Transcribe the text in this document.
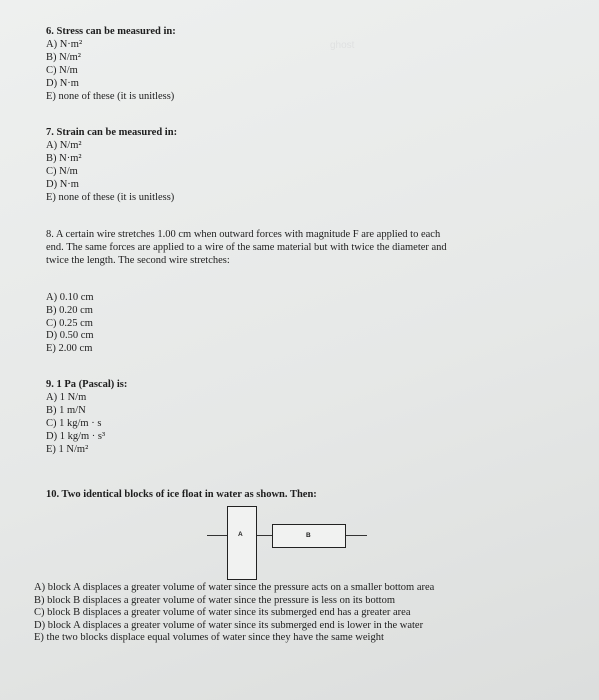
ghost
6. Stress can be measured in:
A) N·m²
B) N/m²
C) N/m
D) N·m
E) none of these (it is unitless)
7. Strain can be measured in:
A) N/m²
B) N·m²
C) N/m
D) N·m
E) none of these (it is unitless)
8. A certain wire stretches 1.00 cm when outward forces with magnitude F are applied to each
end. The same forces are applied to a wire of the same material but with twice the diameter and
twice the length. The second wire stretches:
A) 0.10 cm
B) 0.20 cm
C) 0.25 cm
D) 0.50 cm
E) 2.00 cm
9. 1 Pa (Pascal) is:
A) 1 N/m
B) 1 m/N
C) 1 kg/m · s
D) 1 kg/m · s³
E) 1 N/m²
10. Two identical blocks of ice float in water as shown. Then:
A	B
A) block A displaces a greater volume of water since the pressure acts on a smaller bottom area
B) block B displaces a greater volume of water since the pressure is less on its bottom
C) block B displaces a greater volume of water since its submerged end has a greater area
D) block A displaces a greater volume of water since its submerged end is lower in the water
E) the two blocks displace equal volumes of water since they have the same weight
